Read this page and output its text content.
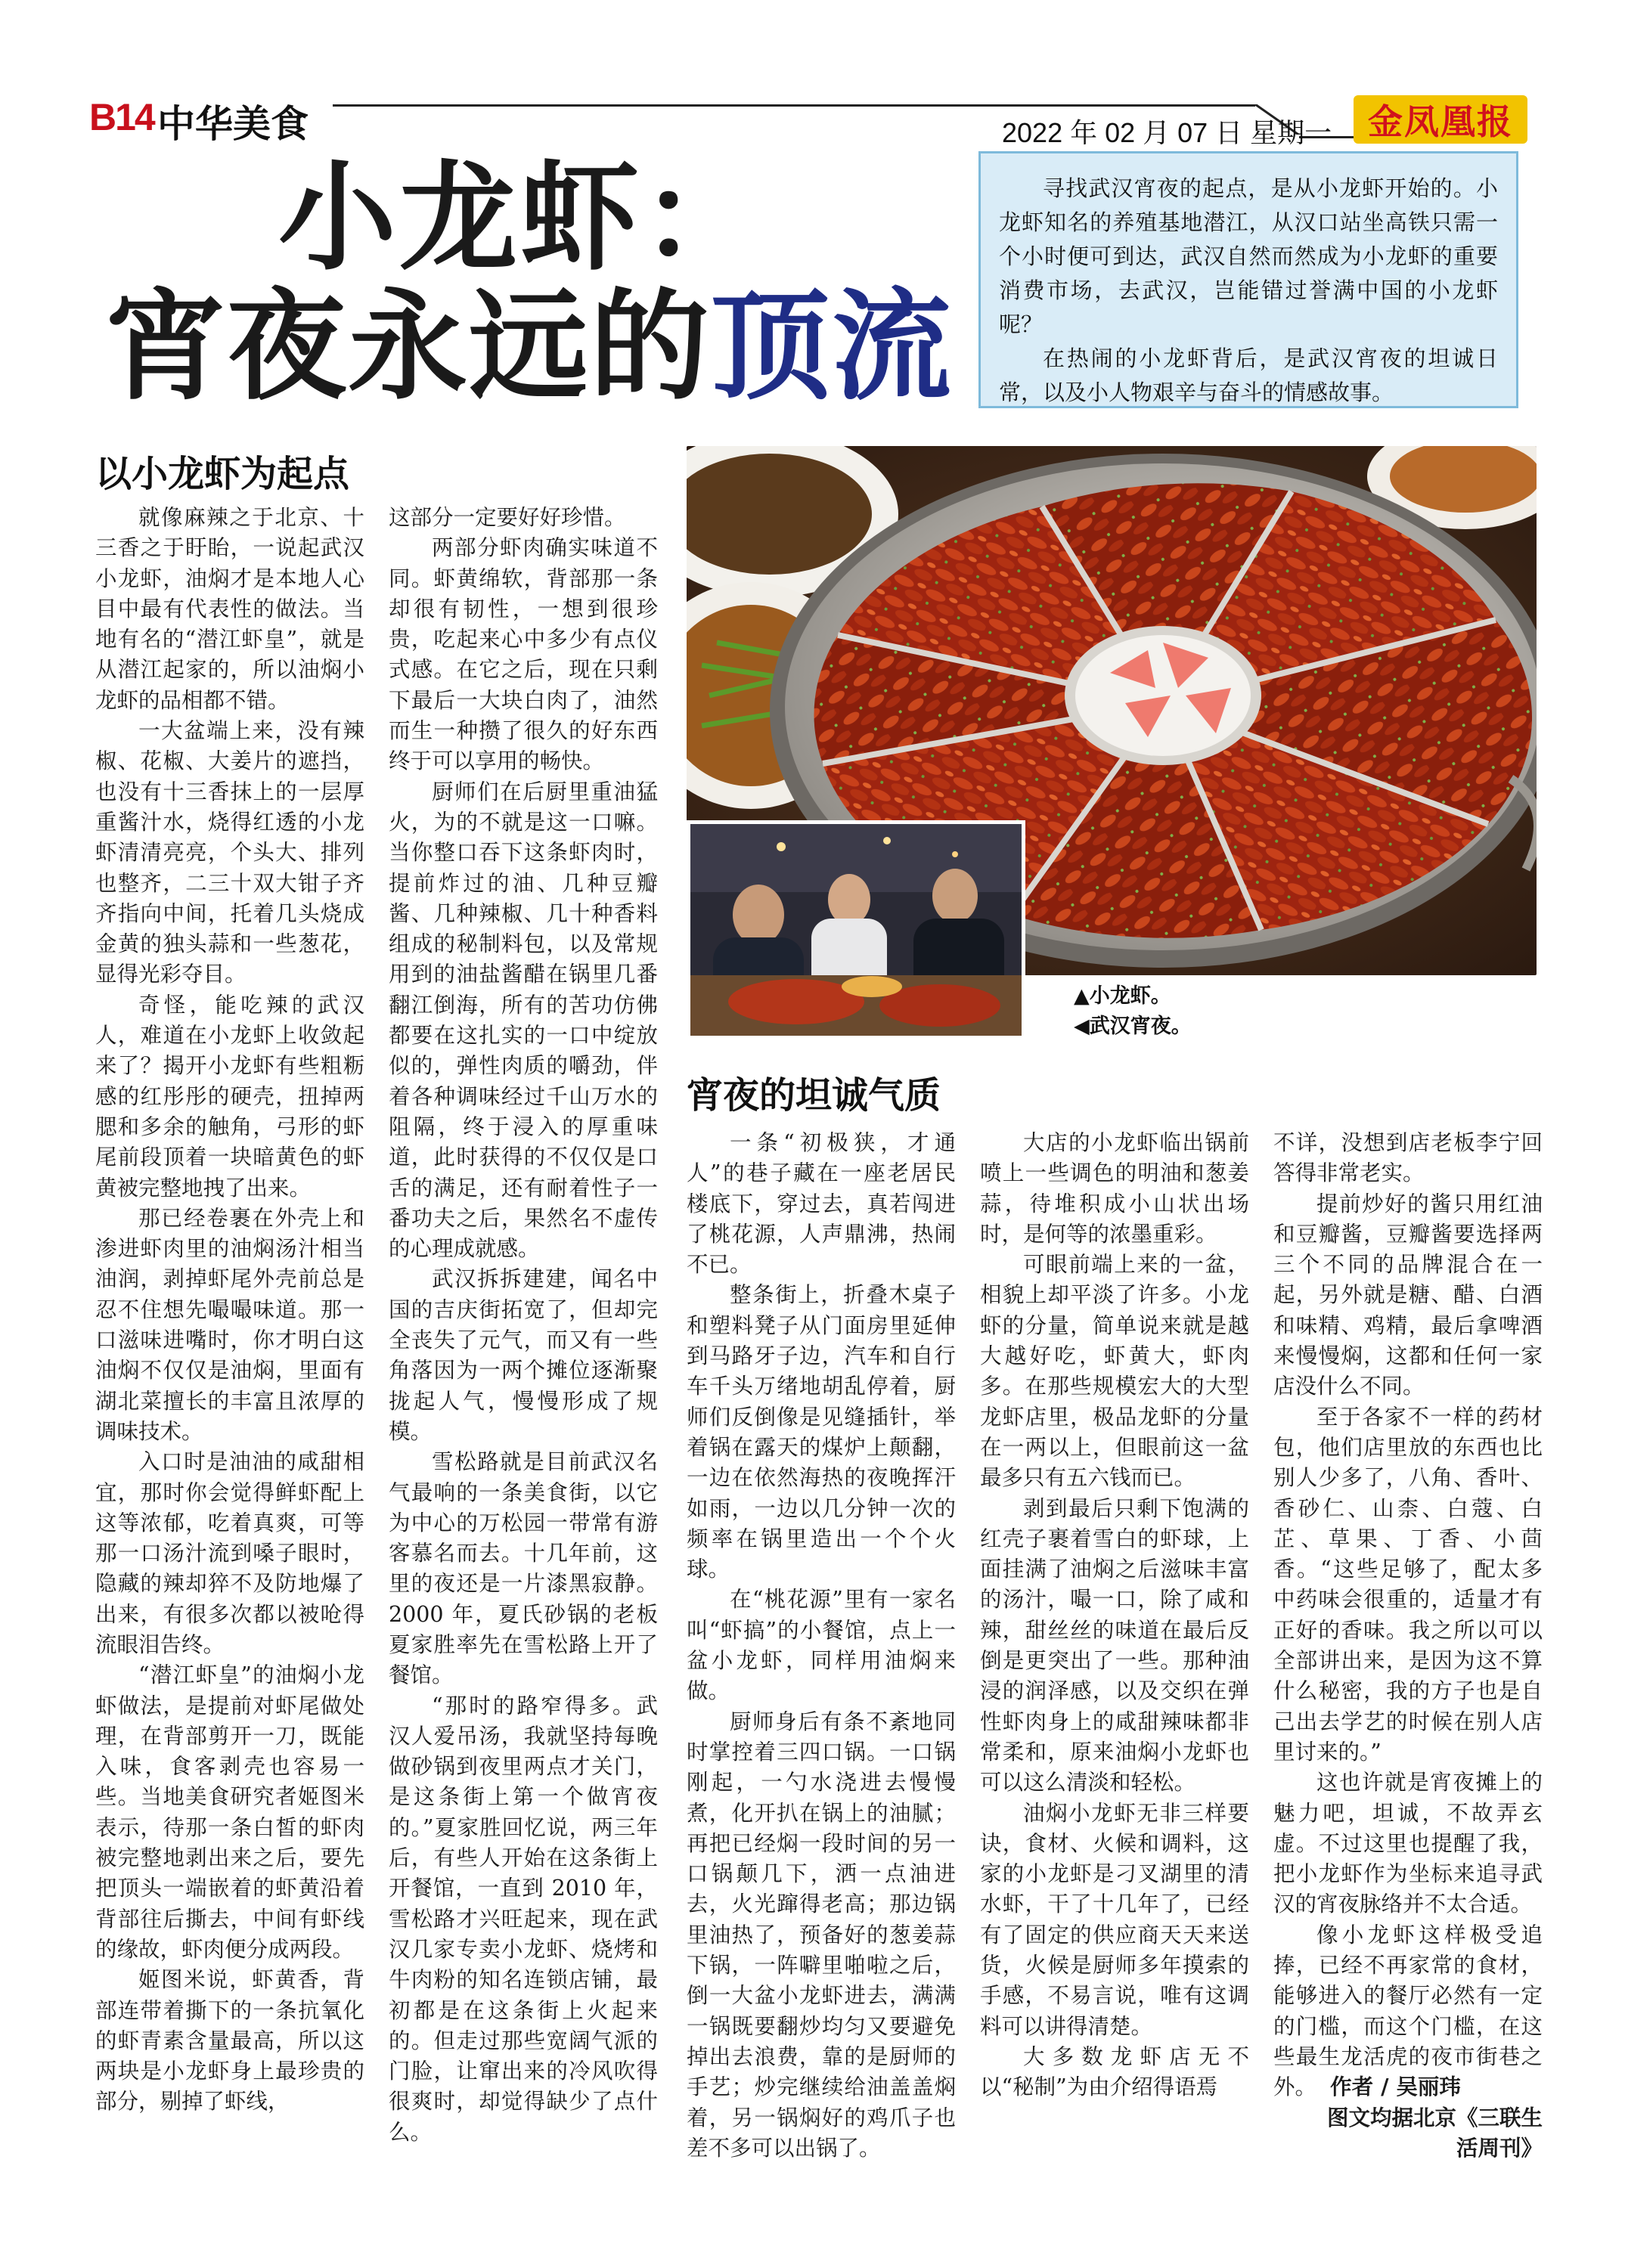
B14 中华美食	2022 年 02 月 07 日 星期一 金凤凰报
小龙虾：
宵夜永远的顶流

寻找武汉宵夜的起点，是从小龙虾开始的。小龙虾知名的养殖基地潜江，从汉口站坐高铁只需一个小时便可到达，武汉自然而然成为小龙虾的重要消费市场，去武汉，岂能错过誉满中国的小龙虾呢？

在热闹的小龙虾背后，是武汉宵夜的坦诚日常，以及小人物艰辛与奋斗的情感故事。

以小龙虾为起点

就像麻辣之于北京、十三香之于盱眙，一说起武汉小龙虾，油焖才是本地人心目中最有代表性的做法。当地有名的“潜江虾皇”，就是从潜江起家的，所以油焖小龙虾的品相都不错。

一大盆端上来，没有辣椒、花椒、大姜片的遮挡，也没有十三香抹上的一层厚重酱汁水，烧得红透的小龙虾清清亮亮，个头大、排列也整齐，二三十双大钳子齐齐指向中间，托着几头烧成金黄的独头蒜和一些葱花，显得光彩夺目。

奇怪，能吃辣的武汉人，难道在小龙虾上收敛起来了？揭开小龙虾有些粗粝感的红彤彤的硬壳，扭掉两腮和多余的触角，弓形的虾尾前段顶着一块暗黄色的虾黄被完整地拽了出来。

那已经卷裹在外壳上和渗进虾肉里的油焖汤汁相当油润，剥掉虾尾外壳前总是忍不住想先嘬嘬味道。那一口滋味进嘴时，你才明白这油焖不仅仅是油焖，里面有湖北菜擅长的丰富且浓厚的调味技术。

入口时是油油的咸甜相宜，那时你会觉得鲜虾配上这等浓郁，吃着真爽，可等那一口汤汁流到嗓子眼时，隐藏的辣却猝不及防地爆了出来，有很多次都以被呛得流眼泪告终。

“潜江虾皇”的油焖小龙虾做法，是提前对虾尾做处理，在背部剪开一刀，既能入味，食客剥壳也容易一些。当地美食研究者姬图米表示，待那一条白皙的虾肉被完整地剥出来之后，要先把顶头一端嵌着的虾黄沿着背部往后撕去，中间有虾线的缘故，虾肉便分成两段。

姬图米说，虾黄香，背部连带着撕下的一条抗氧化的虾青素含量最高，所以这两块是小龙虾身上最珍贵的部分，剔掉了虾线，

这部分一定要好好珍惜。

两部分虾肉确实味道不同。虾黄绵软，背部那一条却很有韧性，一想到很珍贵，吃起来心中多少有点仪式感。在它之后，现在只剩下最后一大块白肉了，油然而生一种攒了很久的好东西终于可以享用的畅快。

厨师们在后厨里重油猛火，为的不就是这一口嘛。当你整口吞下这条虾肉时，提前炸过的油、几种豆瓣酱、几种辣椒、几十种香料组成的秘制料包，以及常规用到的油盐酱醋在锅里几番翻江倒海，所有的苦功仿佛都要在这扎实的一口中绽放似的，弹性肉质的嚼劲，伴着各种调味经过千山万水的阻隔，终于浸入的厚重味道，此时获得的不仅仅是口舌的满足，还有耐着性子一番功夫之后，果然名不虚传的心理成就感。

武汉拆拆建建，闻名中国的吉庆街拓宽了，但却完全丧失了元气，而又有一些角落因为一两个摊位逐渐聚拢起人气，慢慢形成了规模。

雪松路就是目前武汉名气最响的一条美食街，以它为中心的万松园一带常有游客慕名而去。十几年前，这里的夜还是一片漆黑寂静。2000 年，夏氏砂锅的老板夏家胜率先在雪松路上开了餐馆。

“那时的路窄得多。武汉人爱吊汤，我就坚持每晚做砂锅到夜里两点才关门，是这条街上第一个做宵夜的。”夏家胜回忆说，两三年后，有些人开始在这条街上开餐馆，一直到 2010 年，雪松路才兴旺起来，现在武汉几家专卖小龙虾、烧烤和牛肉粉的知名连锁店铺，最初都是在这条街上火起来的。但走过那些宽阔气派的门脸，让窜出来的冷风吹得很爽时，却觉得缺少了点什么。

▲小龙虾。
◀武汉宵夜。
宵夜的坦诚气质

一条“初极狭，才通人”的巷子藏在一座老居民楼底下，穿过去，真若闯进了桃花源，人声鼎沸，热闹不已。

整条街上，折叠木桌子和塑料凳子从门面房里延伸到马路牙子边，汽车和自行车千头万绪地胡乱停着，厨师们反倒像是见缝插针，举着锅在露天的煤炉上颠翻，一边在依然海热的夜晚挥汗如雨，一边以几分钟一次的频率在锅里造出一个个火球。

在“桃花源”里有一家名叫“虾搞”的小餐馆，点上一盆小龙虾，同样用油焖来做。

厨师身后有条不紊地同时掌控着三四口锅。一口锅刚起，一勺水浇进去慢慢煮，化开扒在锅上的油腻；再把已经焖一段时间的另一口锅颠几下，洒一点油进去，火光蹿得老高；那边锅里油热了，预备好的葱姜蒜下锅，一阵噼里啪啦之后，倒一大盆小龙虾进去，满满一锅既要翻炒均匀又要避免掉出去浪费，靠的是厨师的手艺；炒完继续给油盖盖焖着，另一锅焖好的鸡爪子也差不多可以出锅了。

大店的小龙虾临出锅前喷上一些调色的明油和葱姜蒜，待堆积成小山状出场时，是何等的浓墨重彩。

可眼前端上来的一盆，相貌上却平淡了许多。小龙虾的分量，简单说来就是越大越好吃，虾黄大，虾肉多。在那些规模宏大的大型龙虾店里，极品龙虾的分量在一两以上，但眼前这一盆最多只有五六钱而已。

剥到最后只剩下饱满的红壳子裹着雪白的虾球，上面挂满了油焖之后滋味丰富的汤汁，嘬一口，除了咸和辣，甜丝丝的味道在最后反倒是更突出了一些。那种油浸的润泽感，以及交织在弹性虾肉身上的咸甜辣味都非常柔和，原来油焖小龙虾也可以这么清淡和轻松。

油焖小龙虾无非三样要诀，食材、火候和调料，这家的小龙虾是刁叉湖里的清水虾，干了十几年了，已经有了固定的供应商天天来送货，火候是厨师多年摸索的手感，不易言说，唯有这调料可以讲得清楚。

大多数龙虾店无不以“秘制”为由介绍得语焉

不详，没想到店老板李宁回答得非常老实。

提前炒好的酱只用红油和豆瓣酱，豆瓣酱要选择两三个不同的品牌混合在一起，另外就是糖、醋、白酒和味精、鸡精，最后拿啤酒来慢慢焖，这都和任何一家店没什么不同。

至于各家不一样的药材包，他们店里放的东西也比别人少多了，八角、香叶、香砂仁、山柰、白蔻、白芷、草果、丁香、小茴香。“这些足够了，配太多中药味会很重的，适量才有正好的香味。我之所以可以全部讲出来，是因为这不算什么秘密，我的方子也是自己出去学艺的时候在别人店里讨来的。”

这也许就是宵夜摊上的魅力吧，坦诚，不故弄玄虚。不过这里也提醒了我，把小龙虾作为坐标来追寻武汉的宵夜脉络并不太合适。

像小龙虾这样极受追捧，已经不再家常的食材，能够进入的餐厅必然有一定的门槛，而这个门槛，在这些最生龙活虎的夜市街巷之外。 作者 / 吴丽玮

图文均据北京《三联生活周刊》
